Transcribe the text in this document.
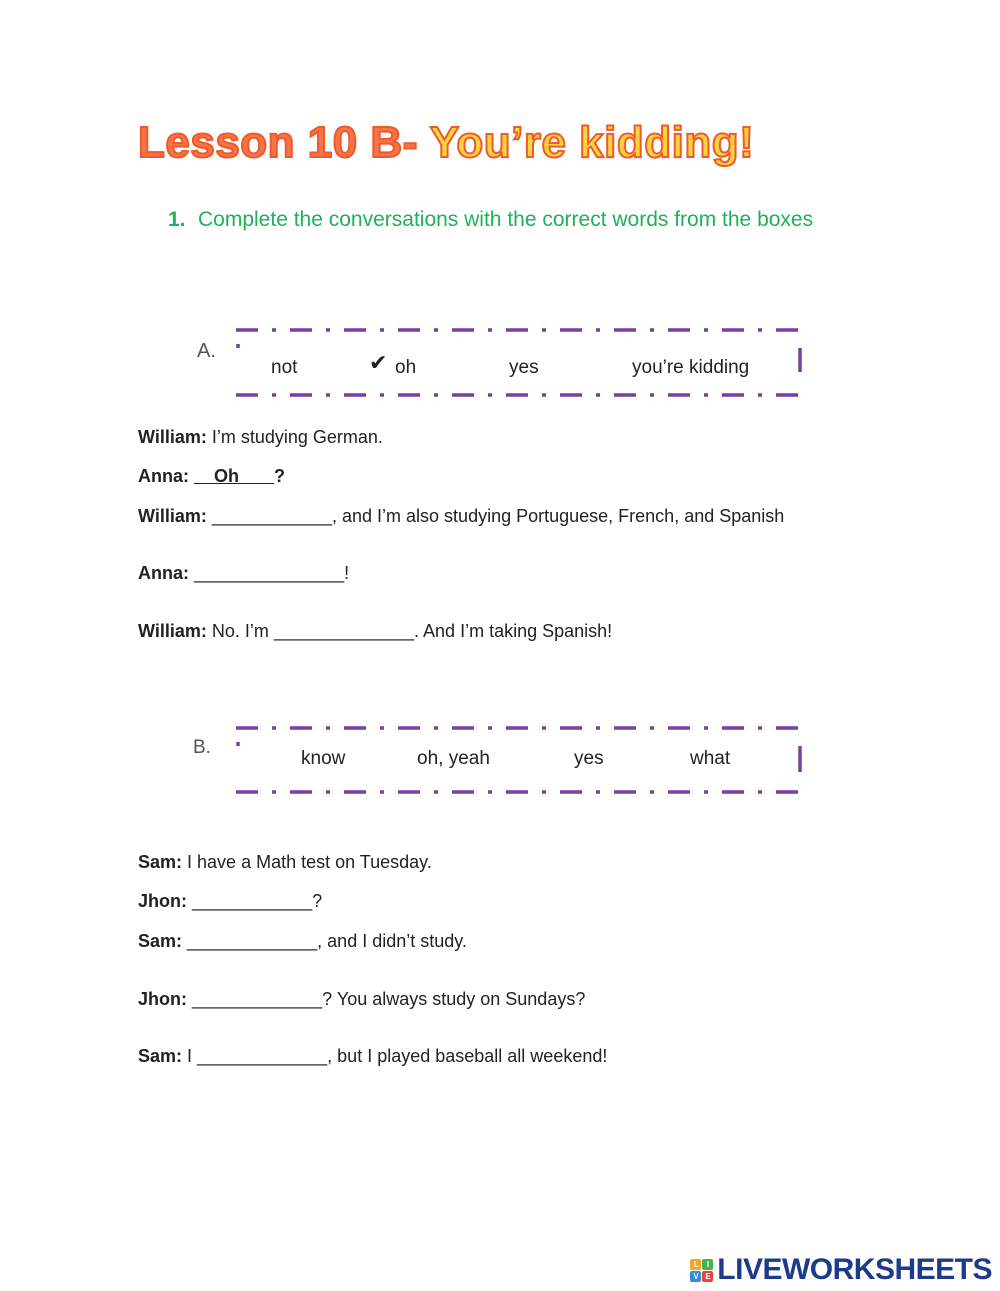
Lesson 10 B- You’re kidding!
1. Complete the conversations with the correct words from the boxes
A.
not	✔ oh	yes	you’re kidding
William: I’m studying German.
Anna:     Oh       ?
William: ____________, and I’m also studying Portuguese, French, and Spanish
Anna: _______________!
William: No. I’m ______________. And I’m taking Spanish!
B.
know	oh, yeah	yes	what
Sam: I have a Math test on Tuesday.
Jhon: ____________?
Sam: _____________, and I didn’t study.
Jhon: _____________? You always study on Sundays?
Sam: I _____________, but I played baseball all weekend!
L	I
V E LIVEWORKSHEETS
